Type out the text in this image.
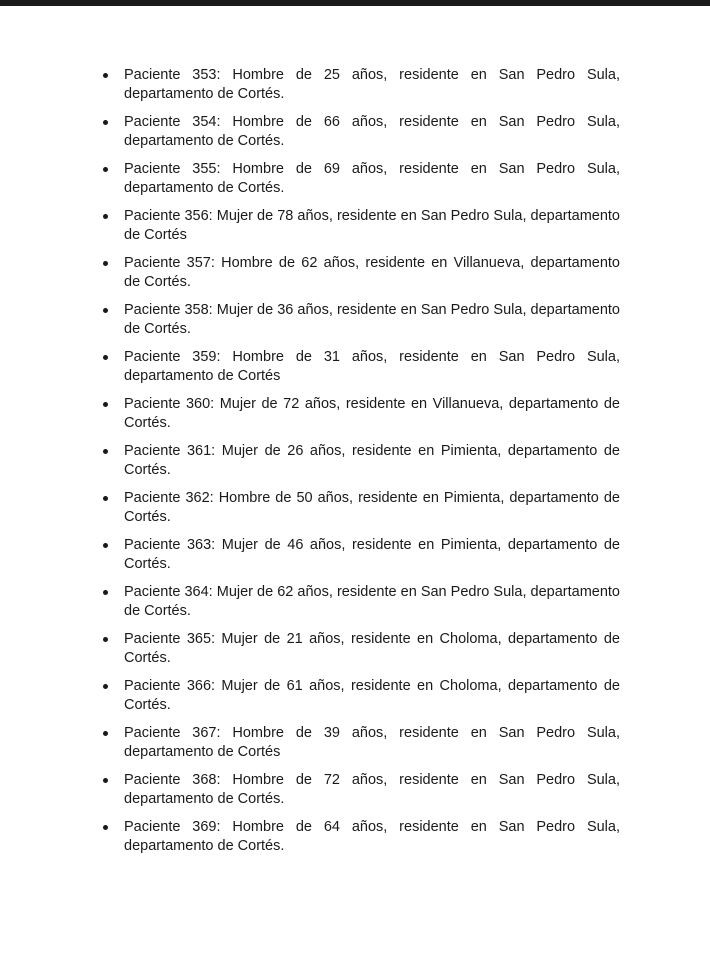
Paciente 353: Hombre de 25 años, residente en San Pedro Sula, departamento de Cortés.
Paciente 354: Hombre de 66 años, residente en San Pedro Sula, departamento de Cortés.
Paciente 355: Hombre de 69 años, residente en San Pedro Sula, departamento de Cortés.
Paciente 356: Mujer de 78 años, residente en San Pedro Sula, departamento de Cortés
Paciente 357: Hombre de 62 años, residente en Villanueva, departamento de Cortés.
Paciente 358: Mujer de 36 años, residente en San Pedro Sula, departamento de Cortés.
Paciente 359: Hombre de 31 años, residente en San Pedro Sula, departamento de Cortés
Paciente 360: Mujer de 72 años, residente en Villanueva, departamento de Cortés.
Paciente 361: Mujer de 26 años, residente en Pimienta, departamento de Cortés.
Paciente 362: Hombre de 50 años, residente en Pimienta, departamento de Cortés.
Paciente 363: Mujer de 46 años, residente en Pimienta, departamento de Cortés.
Paciente 364: Mujer de 62 años, residente en San Pedro Sula, departamento de Cortés.
Paciente 365: Mujer de 21 años, residente en Choloma, departamento de Cortés.
Paciente 366: Mujer de 61 años, residente en Choloma, departamento de Cortés.
Paciente 367: Hombre de 39 años, residente en San Pedro Sula, departamento de Cortés
Paciente 368: Hombre de 72 años, residente en San Pedro Sula, departamento de Cortés.
Paciente 369: Hombre de 64 años, residente en San Pedro Sula, departamento de Cortés.
